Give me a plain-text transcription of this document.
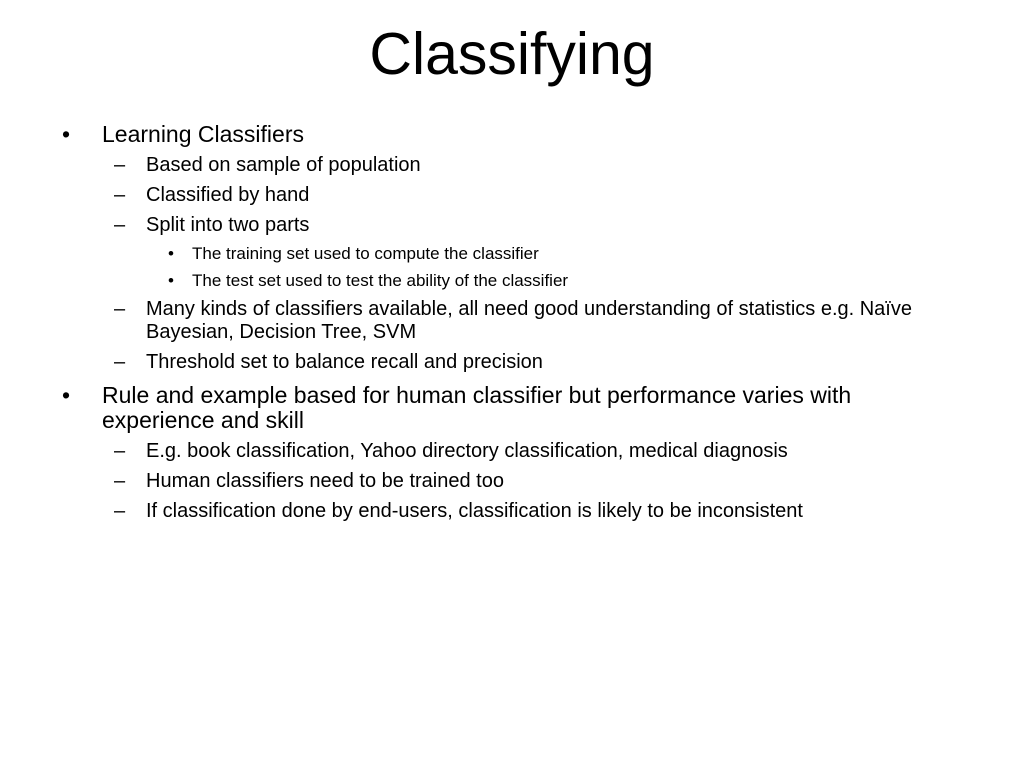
Classifying
• Learning Classifiers
– Based on sample of population
– Classified by hand
– Split into two parts
• The training set used to compute the classifier
• The test set used to test the ability of the classifier
– Many kinds of classifiers available, all need good understanding of statistics e.g. Naïve Bayesian, Decision Tree, SVM
– Threshold set to balance recall and precision
• Rule and example based for human classifier but performance varies with experience and skill
– E.g. book classification, Yahoo directory classification, medical diagnosis
– Human classifiers need to be trained too
– If classification done by end-users, classification is likely to be inconsistent
